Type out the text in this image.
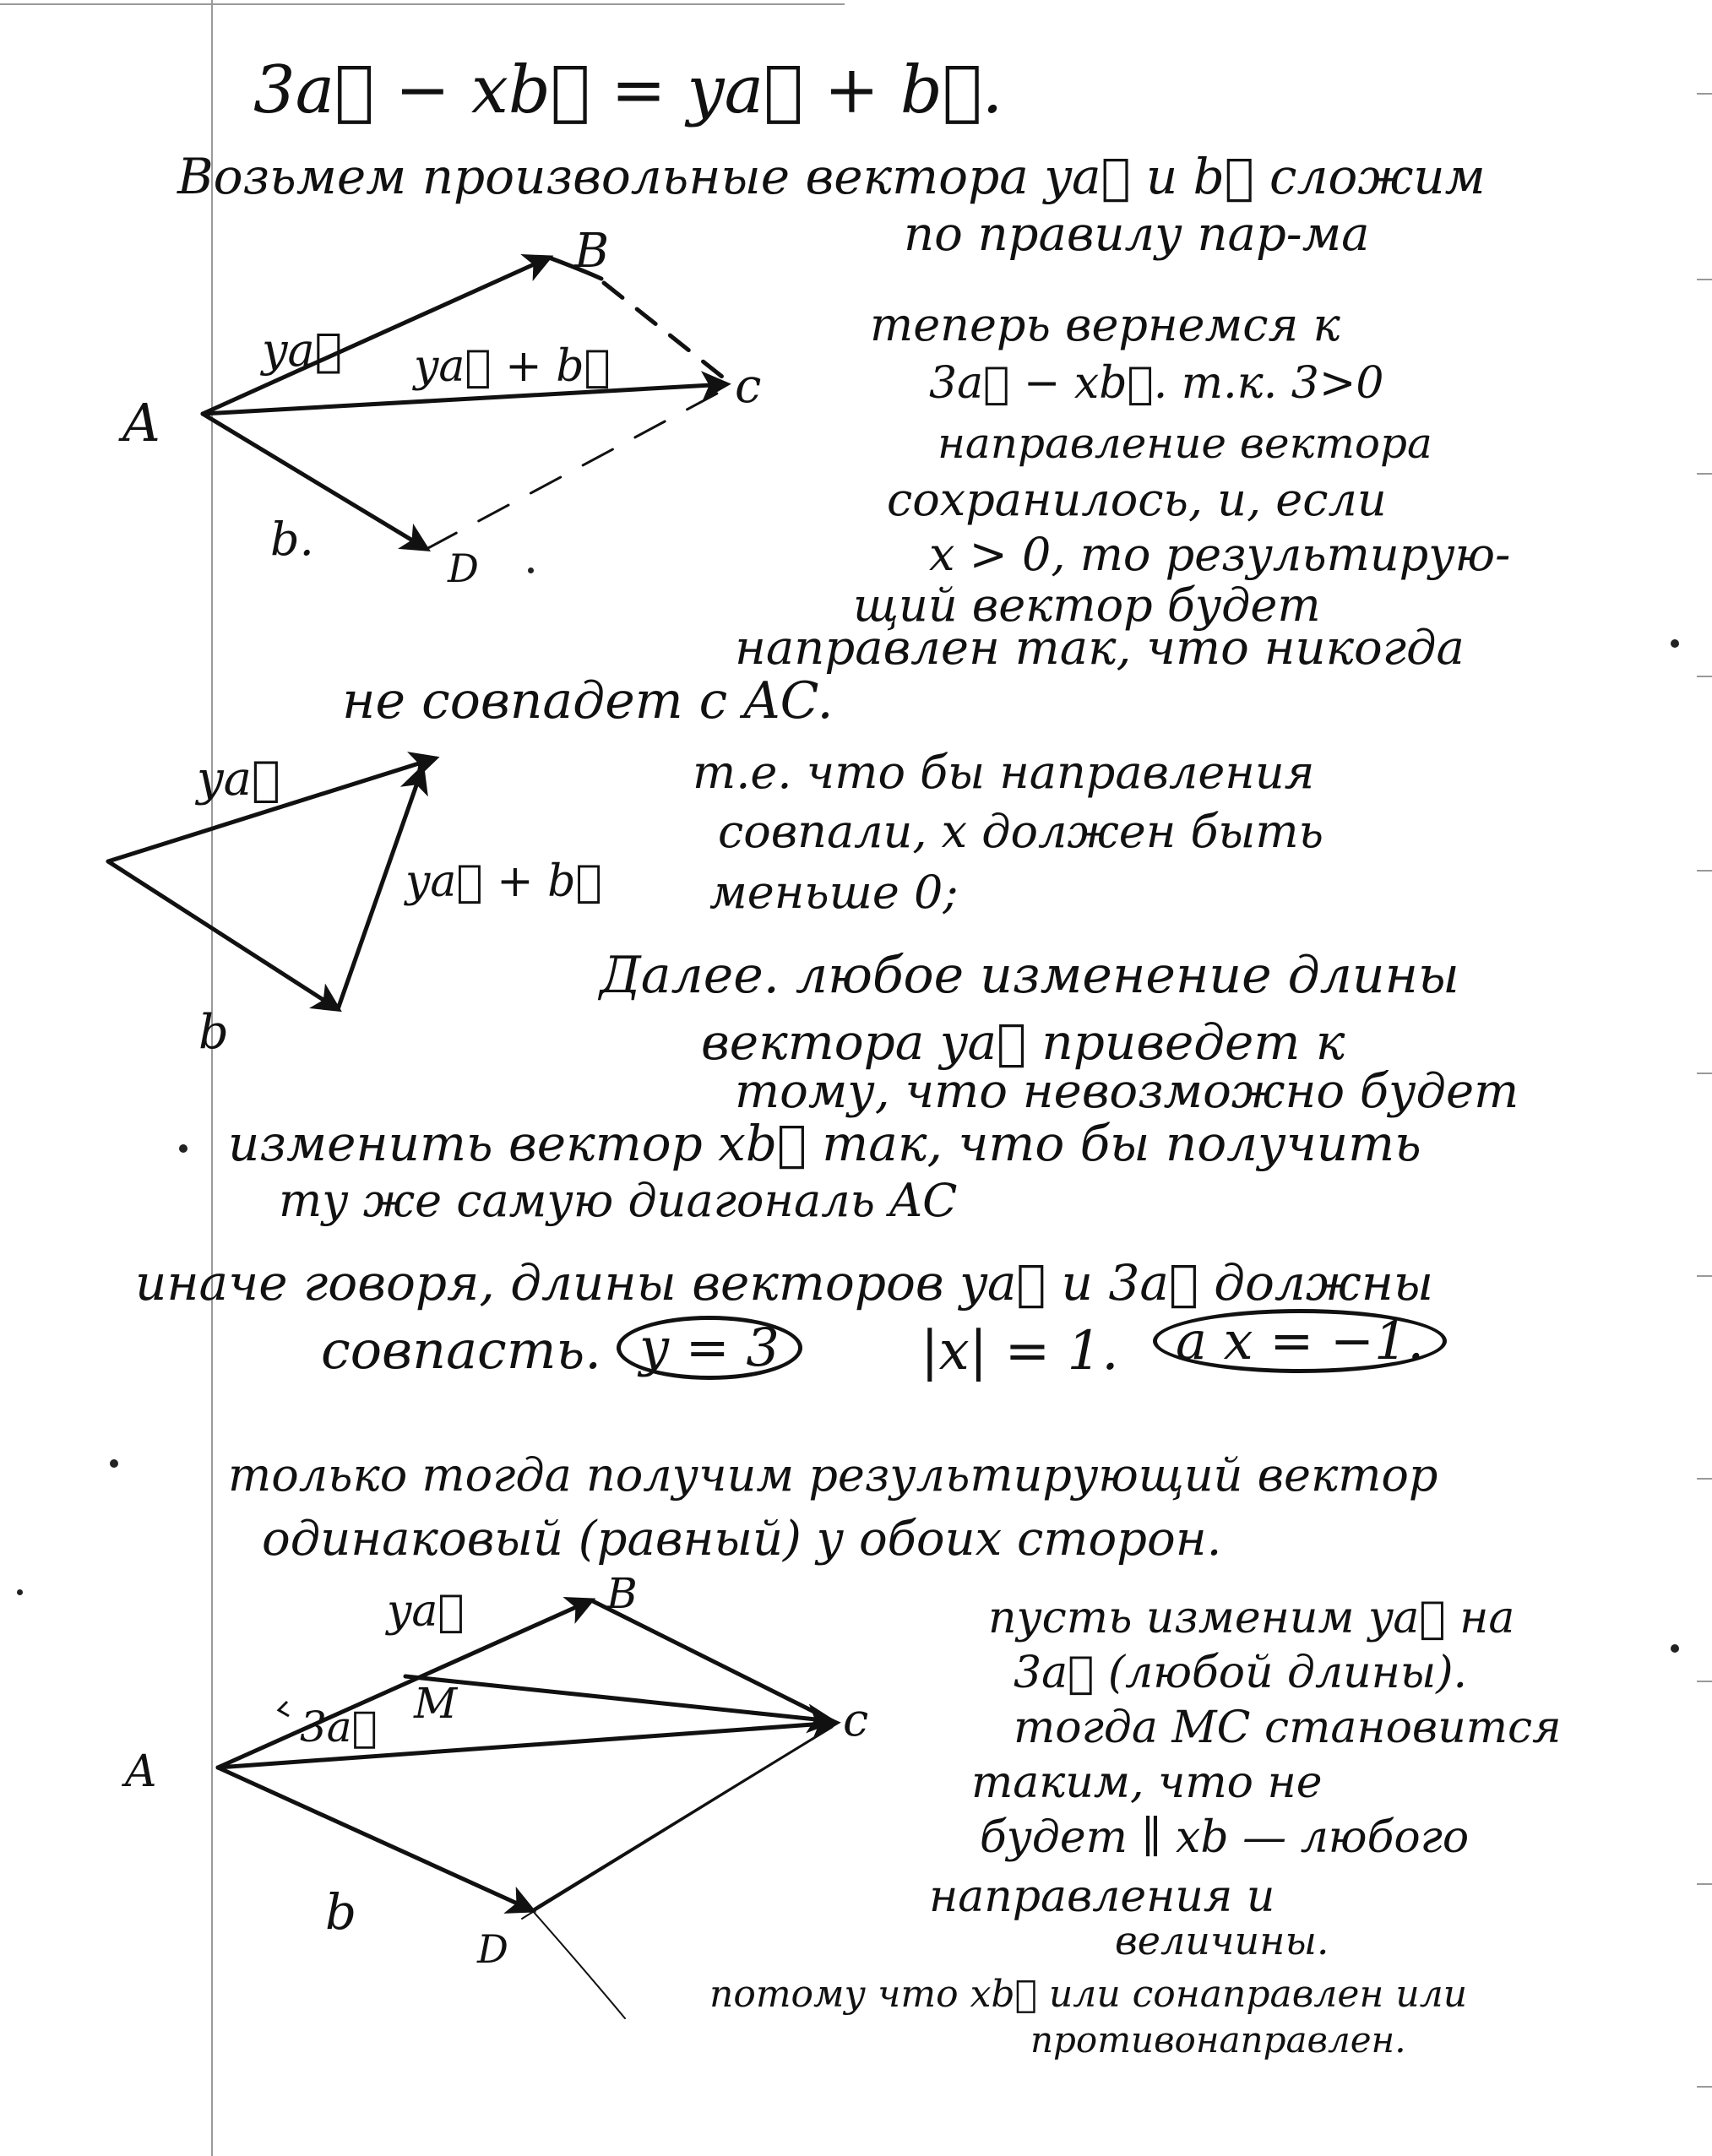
3a⃗ − xb⃗ = ya⃗ + b⃗.
Возьмем произвольные вектора ya⃗ и b⃗ сложим
по правилу пар-ма
теперь вернемся к
3a⃗ − xb⃗. т.к. 3>0
направление вектора
сохранилось, и, если
x > 0, то результирую-
щий вектор будет
направлен так, что никогда
не совпадет с AC.
т.е. что бы направления
совпали, x должен быть
меньше 0;
Далее. любое изменение длины
вектора ya⃗ приведет к
тому, что невозможно будет
изменить вектор xb⃗ так, что бы получить
ту же самую диагональ AC
иначе говоря, длины векторов ya⃗ и 3a⃗ должны
совпасть. y = 3	|x| = 1.	a x = −1.
только тогда получим результирующий вектор
одинаковый (равный) у обоих сторон.
пусть изменим ya⃗ на
3a⃗ (любой длины).
тогда MC становится
таким, что не
будет ∥ xb — любого
направления и
величины.
потому что xb⃗ или сонаправлен или
противонаправлен.
A
B
c
D
ya⃗ ya⃗ + b⃗
b.
ya⃗
ya⃗ + b⃗
b
A
B
c
D
M
ya⃗
3a⃗
b
